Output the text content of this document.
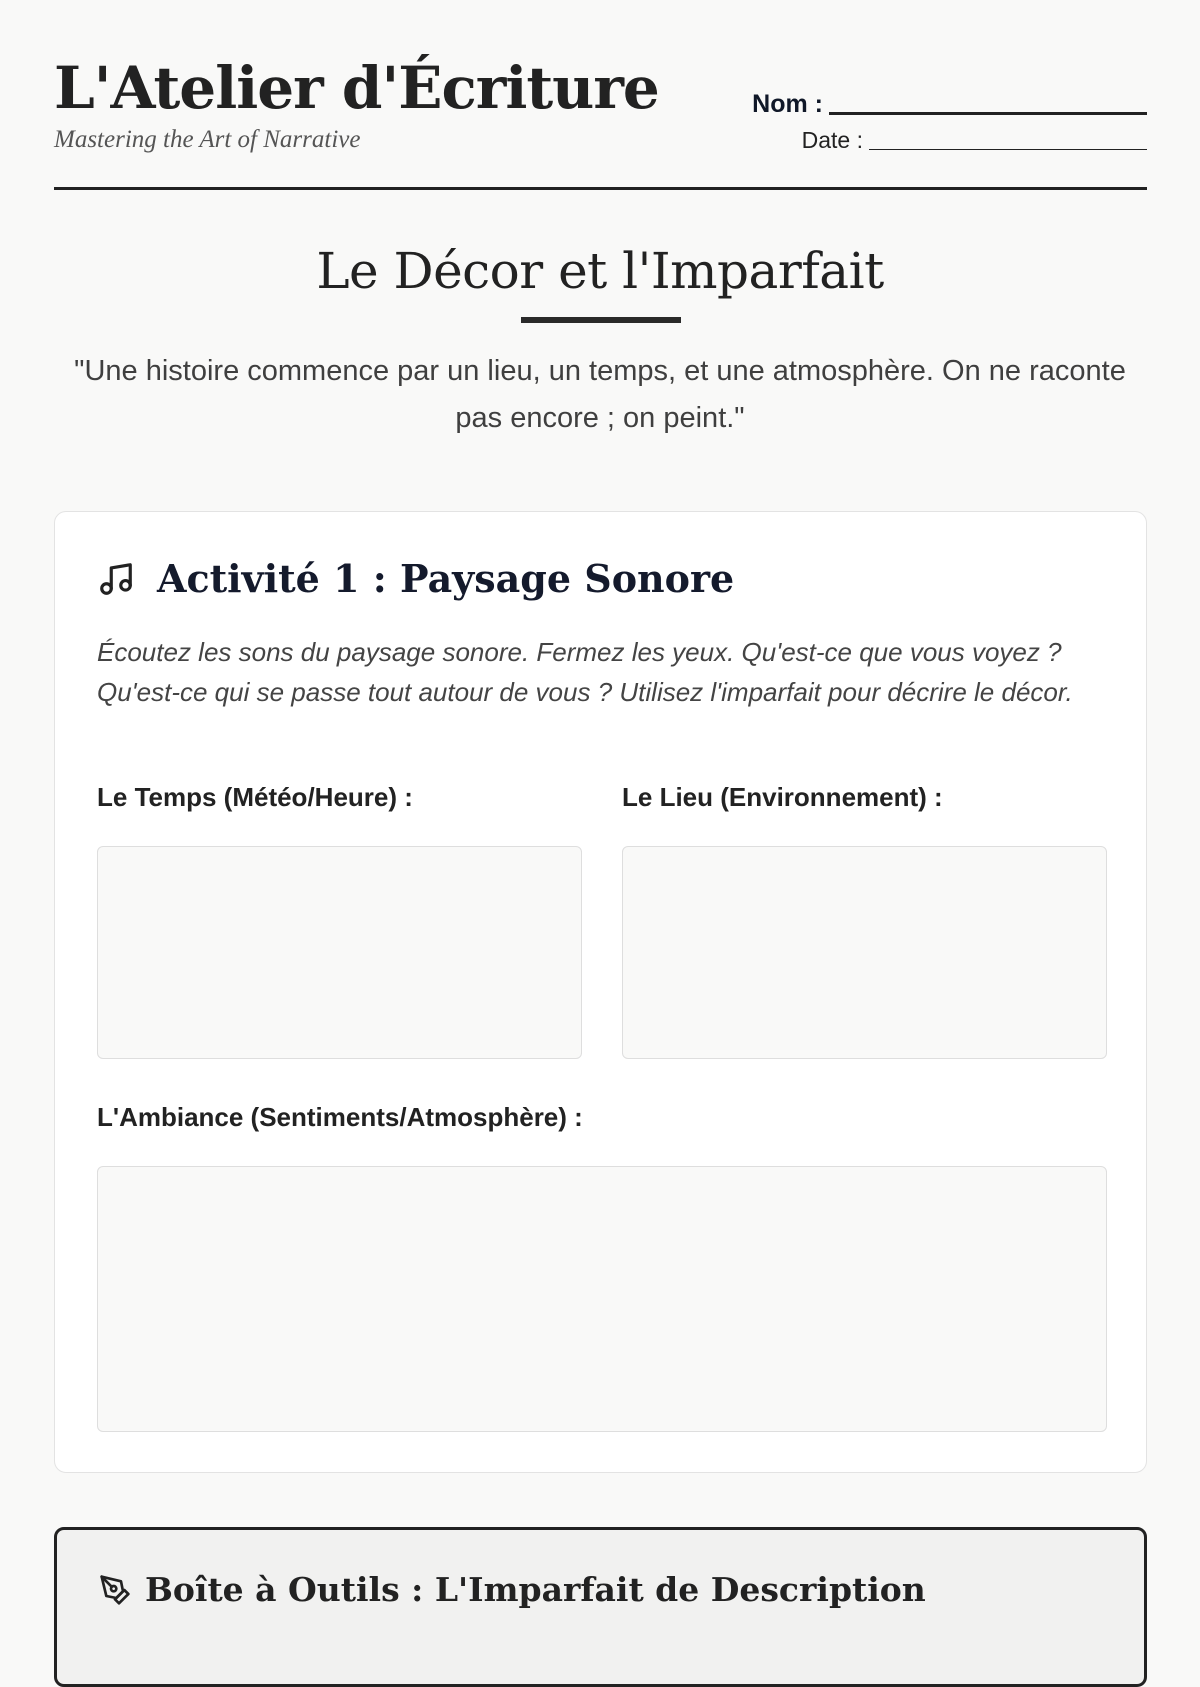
L'Atelier d'Écriture
Mastering the Art of Narrative
Nom :
Date :
Le Décor et l'Imparfait

"Une histoire commence par un lieu, un temps, et une atmosphère. On ne raconte pas encore ; on peint."

Activité 1 : Paysage Sonore

Écoutez les sons du paysage sonore. Fermez les yeux. Qu'est-ce que vous voyez ? Qu'est-ce qui se passe tout autour de vous ? Utilisez l'imparfait pour décrire le décor.

Le Temps (Météo/Heure) :	Le Lieu (Environnement) :
L'Ambiance (Sentiments/Atmosphère) :
Boîte à Outils : L'Imparfait de Description
